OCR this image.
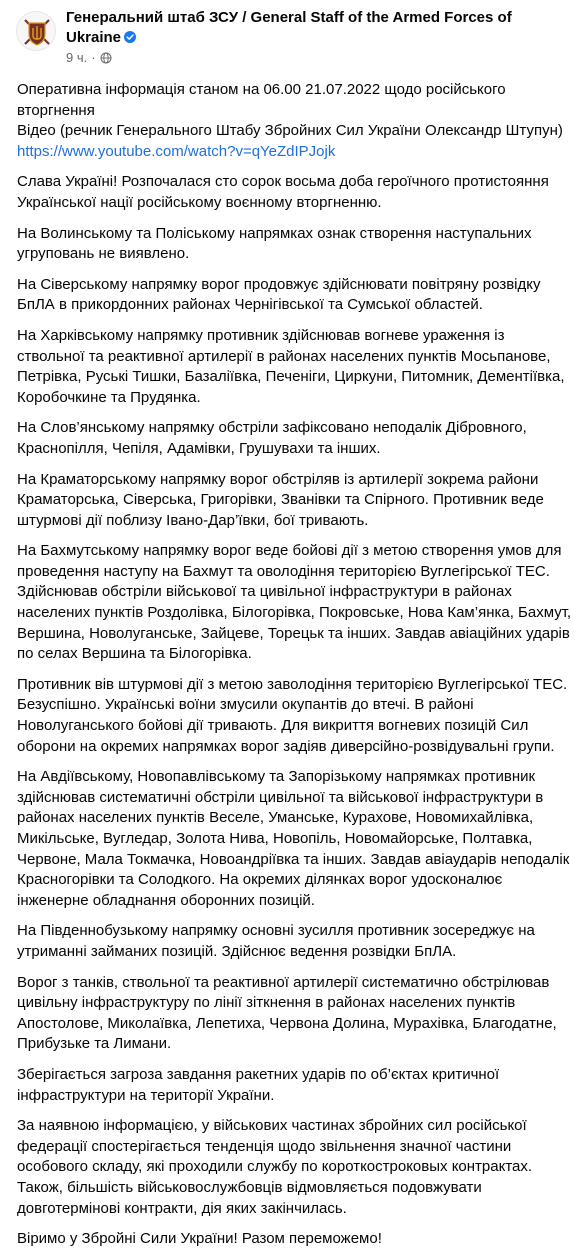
Генеральний штаб ЗСУ / General Staff of the Armed Forces of Ukraine
9 ч. ·

Оперативна інформація станом на 06.00 21.07.2022 щодо російського вторгнення
Відео (речник Генерального Штабу Збройних Сил України Олександр Штупун)
https://www.youtube.com/watch?v=qYeZdIPJojk

Слава Україні! Розпочалася сто сорок восьма доба героїчного протистояння Української нації російському воєнному вторгненню.

На Волинському та Поліському напрямках ознак створення наступальних угруповань не виявлено.

На Сіверському напрямку ворог продовжує здійснювати повітряну розвідку БпЛА в прикордонних районах Чернігівської та Сумської областей.

На Харківському напрямку противник здійснював вогневе ураження із ствольної та реактивної артилерії в районах населених пунктів Мосьпанове, Петрівка, Руські Тишки, Базаліївка, Печеніги, Циркуни, Питомник, Дементіївка, Коробочкине та Прудянка.

На Слов’янському напрямку обстріли зафіксовано неподалік Дібровного, Краснопілля, Чепіля, Адамівки, Грушувахи та інших.

На Краматорському напрямку ворог обстріляв із артилерії зокрема райони Краматорська, Сіверська, Григорівки, Званівки та Спірного. Противник веде штурмові дії поблизу Івано-Дар’ївки, бої тривають.

На Бахмутському напрямку ворог веде бойові дії з метою створення умов для проведення наступу на Бахмут та оволодіння територією Вуглегірської ТЕС. Здійснював обстріли військової та цивільної інфраструктури в районах населених пунктів Роздолівка, Білогорівка, Покровське, Нова Кам’янка, Бахмут, Вершина, Новолуганське, Зайцеве, Торецьк та інших. Завдав авіаційних ударів по селах Вершина та Білогорівка.

Противник вів штурмові дії з метою заволодіння територією Вуглегірської ТЕС. Безуспішно. Українські воїни змусили окупантів до втечі. В районі Новолуганського бойові дії тривають. Для викриття вогневих позицій Сил оборони на окремих напрямках ворог задіяв диверсійно-розвідувальні групи.

На Авдіївському, Новопавлівському та Запорізькому напрямках противник здійснював систематичні обстріли цивільної та військової інфраструктури в районах населених пунктів Веселе, Уманське, Курахове, Новомихайлівка, Микільське, Вугледар, Золота Нива, Новопіль, Новомайорське, Полтавка, Червоне, Мала Токмачка, Новоандріївка та інших. Завдав авіаударів неподалік Красногорівки та Солодкого. На окремих ділянках ворог удосконалює інженерне обладнання оборонних позицій.

На Південнобузькому напрямку основні зусилля противник зосереджує на утриманні займаних позицій. Здійснює ведення розвідки БпЛА.

Ворог з танків, ствольної та реактивної артилерії систематично обстрілював цивільну інфраструктуру по лінії зіткнення в районах населених пунктів Апостолове, Миколаївка, Лепетиха, Червона Долина, Мурахівка, Благодатне, Прибузьке та Лимани.

Зберігається загроза завдання ракетних ударів по об’єктах критичної інфраструктури на території України.

За наявною інформацією, у військових частинах збройних сил російської федерації спостерігається тенденція щодо звільнення значної частини особового складу, які проходили службу по короткостроковых контрактах. Також, більшість військовослужбовців відмовляється подовжувати довготермінові контракти, дія яких закінчилась.

Віримо у Збройні Сили України! Разом переможемо!
